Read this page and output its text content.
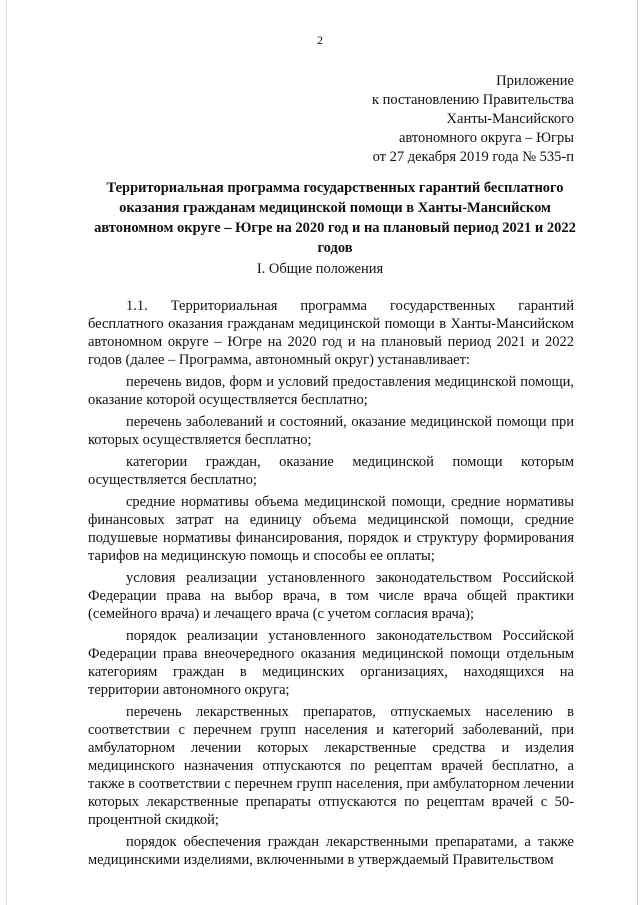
2
Приложение
к постановлению Правительства
Ханты-Мансийского
автономного округа – Югры
от 27 декабря 2019 года № 535-п
Территориальная программа государственных гарантий бесплатного оказания гражданам медицинской помощи в Ханты-Мансийском автономном округе – Югре на 2020 год и на плановый период 2021 и 2022 годов
I. Общие положения

1.1. Территориальная программа государственных гарантий бесплатного оказания гражданам медицинской помощи в Ханты-Мансийском автономном округе – Югре на 2020 год и на плановый период 2021 и 2022 годов (далее – Программа, автономный округ) устанавливает:

перечень видов, форм и условий предоставления медицинской помощи, оказание которой осуществляется бесплатно;

перечень заболеваний и состояний, оказание медицинской помощи при которых осуществляется бесплатно;

категории граждан, оказание медицинской помощи которым осуществляется бесплатно;

средние нормативы объема медицинской помощи, средние нормативы финансовых затрат на единицу объема медицинской помощи, средние подушевые нормативы финансирования, порядок и структуру формирования тарифов на медицинскую помощь и способы ее оплаты;

условия реализации установленного законодательством Российской Федерации права на выбор врача, в том числе врача общей практики (семейного врача) и лечащего врача (с учетом согласия врача);

порядок реализации установленного законодательством Российской Федерации права внеочередного оказания медицинской помощи отдельным категориям граждан в медицинских организациях, находящихся на территории автономного округа;

перечень лекарственных препаратов, отпускаемых населению в соответствии с перечнем групп населения и категорий заболеваний, при амбулаторном лечении которых лекарственные средства и изделия медицинского назначения отпускаются по рецептам врачей бесплатно, а также в соответствии с перечнем групп населения, при амбулаторном лечении которых лекарственные препараты отпускаются по рецептам врачей с 50-процентной скидкой;

порядок обеспечения граждан лекарственными препаратами, а также медицинскими изделиями, включенными в утверждаемый Правительством
